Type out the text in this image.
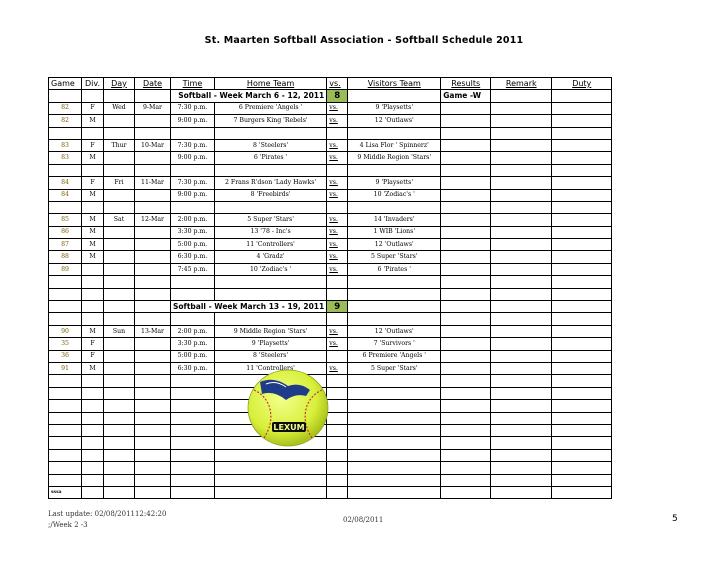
St. Maarten Softball Association - Softball Schedule 2011
Game	Div.	Day	Date	Time	Home Team	vs.	Visitors Team	Results	Remark	Duty
				Softball - Week March 6 - 12, 2011		8		Game -W		
82	F	Wed	9-Mar	7:30 p.m.	6 Premiere 'Angels '	vs.	9 'Playsetts'			
82	M			9:00 p.m.	7 Burgers King 'Rebels'	vs.	12 'Outlaws'			

83	F	Thur	10-Mar	7:30 p.m.	8 'Steelers'	vs.	4 Lisa Flor ' Spinnerz'			
83	M			9:00 p.m.	6 'Pirates '	vs.	9 Middle Region 'Stars'			

84	F	Fri	11-Mar	7:30 p.m.	2 Frans R'dson 'Lady Hawks'	vs.	9 'Playsetts'			
84	M			9:00 p.m.	8 'Freebirds'	vs.	10 'Zodiac's '			

85	M	Sat	12-Mar	2:00 p.m.	5 Super 'Stars'	vs.	14 'Invaders'			
86	M			3:30 p.m.	13 '78 - Inc's	vs.	1 WIB 'Lions'			
87	M			5:00 p.m.	11 'Controllers'	vs.	12 'Outlaws'			
88	M			6:30 p.m.	4 'Gradz'	vs.	5 Super 'Stars'			
89				7:45 p.m.	10 'Zodiac's '	vs.	6 'Pirates '			

				Softball - Week March 13 - 19, 2011		9				

90	M	Sun	13-Mar	2:00 p.m.	9 Middle Region 'Stars'	vs.	12 'Outlaws'			
35	F			3:30 p.m.	9 'Playsetts'	vs.	7 'Survivors '			
36	F			5:00 p.m.	8 'Steelers'		6 Premiere 'Angels '			
91	M			6:30 p.m.	11 'Controllers'	vs.	5 Super 'Stars'			

sssa										
LEXUM
Last update: 02/08/201112:42:20
;/Week 2 -3
02/08/2011	5
